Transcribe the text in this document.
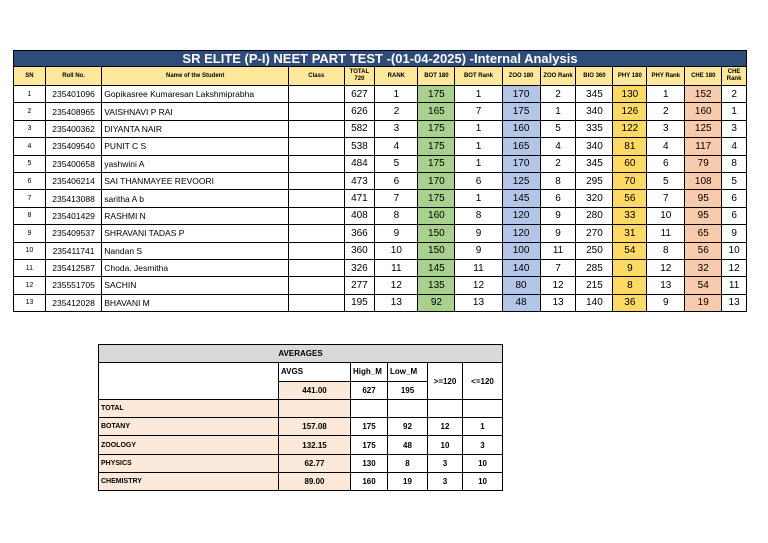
SR ELITE (P-I) NEET PART TEST -(01-04-2025) -Internal Analysis														
SN	Roll No.	Name of the Student	Class	TOTAL 720	RANK	BOT 180	BOT Rank	ZOO 180	ZOO Rank	BIO 360	PHY 180	PHY Rank	CHE 180	CHE Rank
1	235401096	Gopikasree Kumaresan Lakshmiprabha		627	1	175	1	170	2	345	130	1	152	2
2	235408965	VAISHNAVI P RAI		626	2	165	7	175	1	340	126	2	160	1
3	235400362	DIYANTA NAIR		582	3	175	1	160	5	335	122	3	125	3
4	235409540	PUNIT C S		538	4	175	1	165	4	340	81	4	117	4
5	235400658	yashwini A		484	5	175	1	170	2	345	60	6	79	8
6	235406214	SAI THANMAYEE REVOORI		473	6	170	6	125	8	295	70	5	108	5
7	235413088	saritha A b		471	7	175	1	145	6	320	56	7	95	6
8	235401429	RASHMI N		408	8	160	8	120	9	280	33	10	95	6
9	235409537	SHRAVANI TADAS P		366	9	150	9	120	9	270	31	11	65	9
10	235411741	Nandan S		360	10	150	9	100	11	250	54	8	56	10
11	235412587	Choda. Jesmitha		326	11	145	11	140	7	285	9	12	32	12
12	235551705	SACHIN		277	12	135	12	80	12	215	8	13	54	11
13	235412028	BHAVANI M		195	13	92	13	48	13	140	36	9	19	13
AVERAGES					
	AVGS	High_M	Low_M	>=120	<=120
	441.00	627	195		
TOTAL					
BOTANY	157.08	175	92	12	1
ZOOLOGY	132.15	175	48	10	3
PHYSICS	62.77	130	8	3	10
CHEMISTRY	89.00	160	19	3	10
